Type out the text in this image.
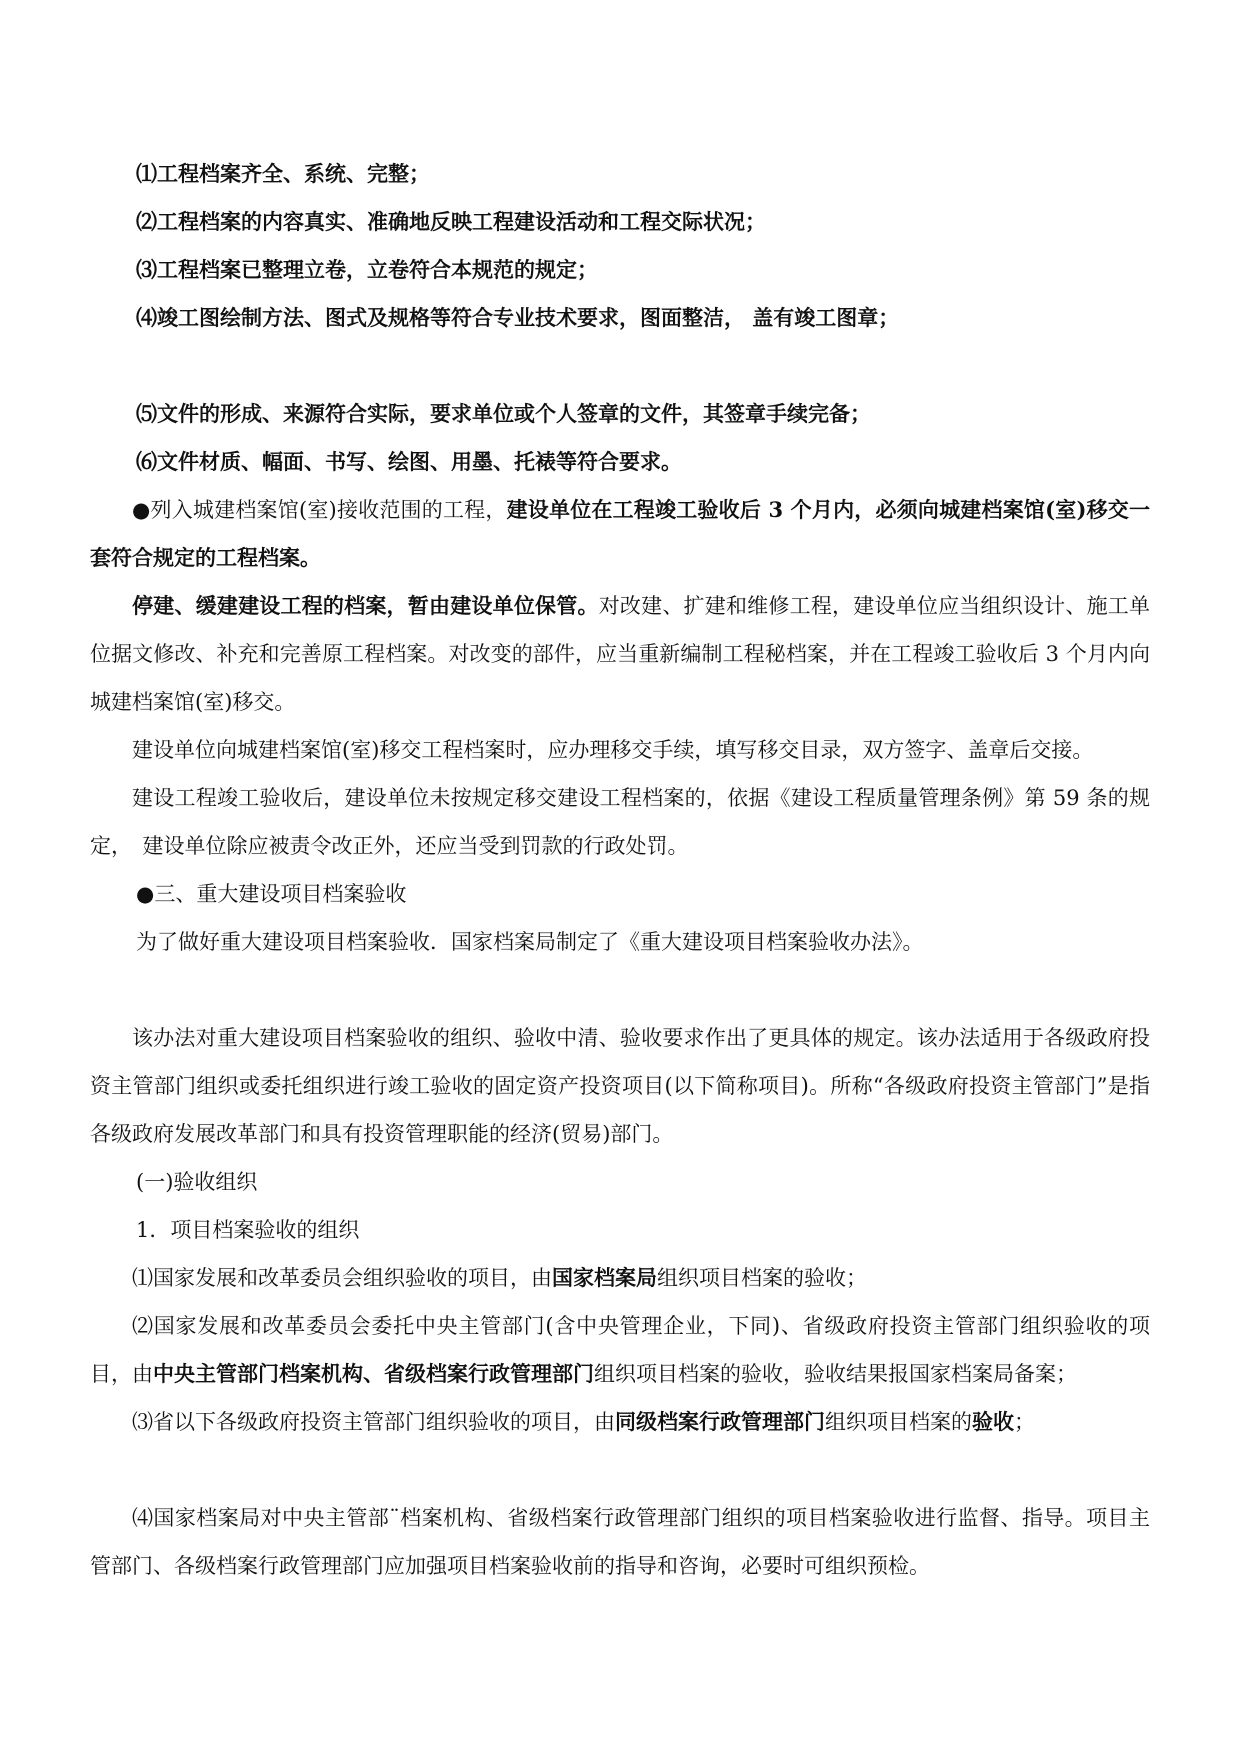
⑴工程档案齐全、系统、完整；

⑵工程档案的内容真实、准确地反映工程建设活动和工程交际状况；

⑶工程档案已整理立卷，立卷符合本规范的规定；

⑷竣工图绘制方法、图式及规格等符合专业技术要求，图面整洁， 盖有竣工图章；

⑸文件的形成、来源符合实际，要求单位或个人签章的文件，其签章手续完备；

⑹文件材质、幅面、书写、绘图、用墨、托裱等符合要求。

●列入城建档案馆(室)接收范围的工程，建设单位在工程竣工验收后 3 个月内，必须向城建档案馆(室)移交一套符合规定的工程档案。

停建、缓建建设工程的档案，暂由建设单位保管。对改建、扩建和维修工程，建设单位应当组织设计、施工单位据文修改、补充和完善原工程档案。对改变的部件，应当重新编制工程秘档案，并在工程竣工验收后 3 个月内向城建档案馆(室)移交。

建设单位向城建档案馆(室)移交工程档案时，应办理移交手续，填写移交目录，双方签字、盖章后交接。

建设工程竣工验收后，建设单位未按规定移交建设工程档案的，依据《建设工程质量管理条例》第 59 条的规定，　建设单位除应被责令改正外，还应当受到罚款的行政处罚。

●三、重大建设项目档案验收

为了做好重大建设项目档案验收．国家档案局制定了《重大建设项目档案验收办法》。

该办法对重大建设项目档案验收的组织、验收中清、验收要求作出了更具体的规定。该办法适用于各级政府投资主管部门组织或委托组织进行竣工验收的固定资产投资项目(以下简称项目)。所称“各级政府投资主管部门”是指各级政府发展改革部门和具有投资管理职能的经济(贸易)部门。

(一)验收组织

1．项目档案验收的组织

⑴国家发展和改革委员会组织验收的项目，由国家档案局组织项目档案的验收；

⑵国家发展和改革委员会委托中央主管部门(含中央管理企业，下同)、省级政府投资主管部门组织验收的项目，由中央主管部门档案机构、省级档案行政管理部门组织项目档案的验收，验收结果报国家档案局备案；

⑶省以下各级政府投资主管部门组织验收的项目，由同级档案行政管理部门组织项目档案的验收；

⑷国家档案局对中央主管部¨档案机构、省级档案行政管理部门组织的项目档案验收进行监督、指导。项目主管部门、各级档案行政管理部门应加强项目档案验收前的指导和咨询，必要时可组织预检。
